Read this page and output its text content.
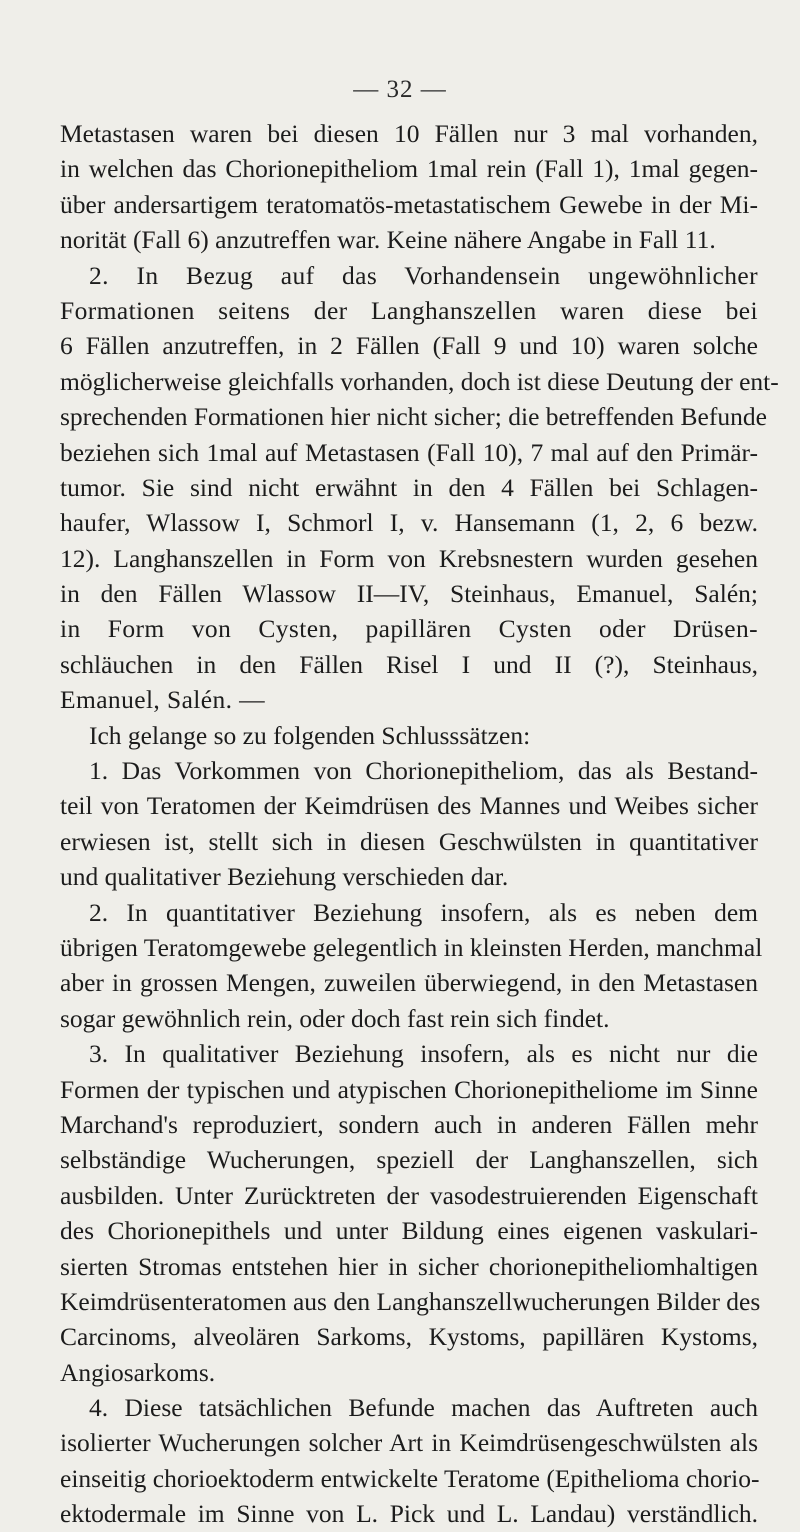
— 32 —
Metastasen waren bei diesen 10 Fällen nur 3 mal vorhanden,
in welchen das Chorionepitheliom 1mal rein (Fall 1), 1mal gegen-
über andersartigem teratomatös-metastatischem Gewebe in der Mi-
norität (Fall 6) anzutreffen war. Keine nähere Angabe in Fall 11.
2. In Bezug auf das Vorhandensein ungewöhnlicher
Formationen seitens der Langhanszellen waren diese bei
6 Fällen anzutreffen, in 2 Fällen (Fall 9 und 10) waren solche
möglicherweise gleichfalls vorhanden, doch ist diese Deutung der ent-
sprechenden Formationen hier nicht sicher; die betreffenden Befunde
beziehen sich 1mal auf Metastasen (Fall 10), 7 mal auf den Primär-
tumor. Sie sind nicht erwähnt in den 4 Fällen bei Schlagen-
haufer, Wlassow I, Schmorl I, v. Hansemann (1, 2, 6 bezw.
12). Langhanszellen in Form von Krebsnestern wurden gesehen
in den Fällen Wlassow II—IV, Steinhaus, Emanuel, Salén;
in Form von Cysten, papillären Cysten oder Drüsen-
schläuchen in den Fällen Risel I und II (?), Steinhaus,
Emanuel, Salén. —
Ich gelange so zu folgenden Schlusssätzen:
1. Das Vorkommen von Chorionepitheliom, das als Bestand-
teil von Teratomen der Keimdrüsen des Mannes und Weibes sicher
erwiesen ist, stellt sich in diesen Geschwülsten in quantitativer
und qualitativer Beziehung verschieden dar.
2. In quantitativer Beziehung insofern, als es neben dem
übrigen Teratomgewebe gelegentlich in kleinsten Herden, manchmal
aber in grossen Mengen, zuweilen überwiegend, in den Metastasen
sogar gewöhnlich rein, oder doch fast rein sich findet.
3. In qualitativer Beziehung insofern, als es nicht nur die
Formen der typischen und atypischen Chorionepitheliome im Sinne
Marchand's reproduziert, sondern auch in anderen Fällen mehr
selbständige Wucherungen, speziell der Langhanszellen, sich
ausbilden. Unter Zurücktreten der vasodestruierenden Eigenschaft
des Chorionepithels und unter Bildung eines eigenen vaskulari-
sierten Stromas entstehen hier in sicher chorionepitheliomhaltigen
Keimdrüsenteratomen aus den Langhanszellwucherungen Bilder des
Carcinoms, alveolären Sarkoms, Kystoms, papillären Kystoms,
Angiosarkoms.
4. Diese tatsächlichen Befunde machen das Auftreten auch
isolierter Wucherungen solcher Art in Keimdrüsengeschwülsten als
einseitig chorioektoderm entwickelte Teratome (Epithelioma chorio-
ektodermale im Sinne von L. Pick und L. Landau) verständlich.
